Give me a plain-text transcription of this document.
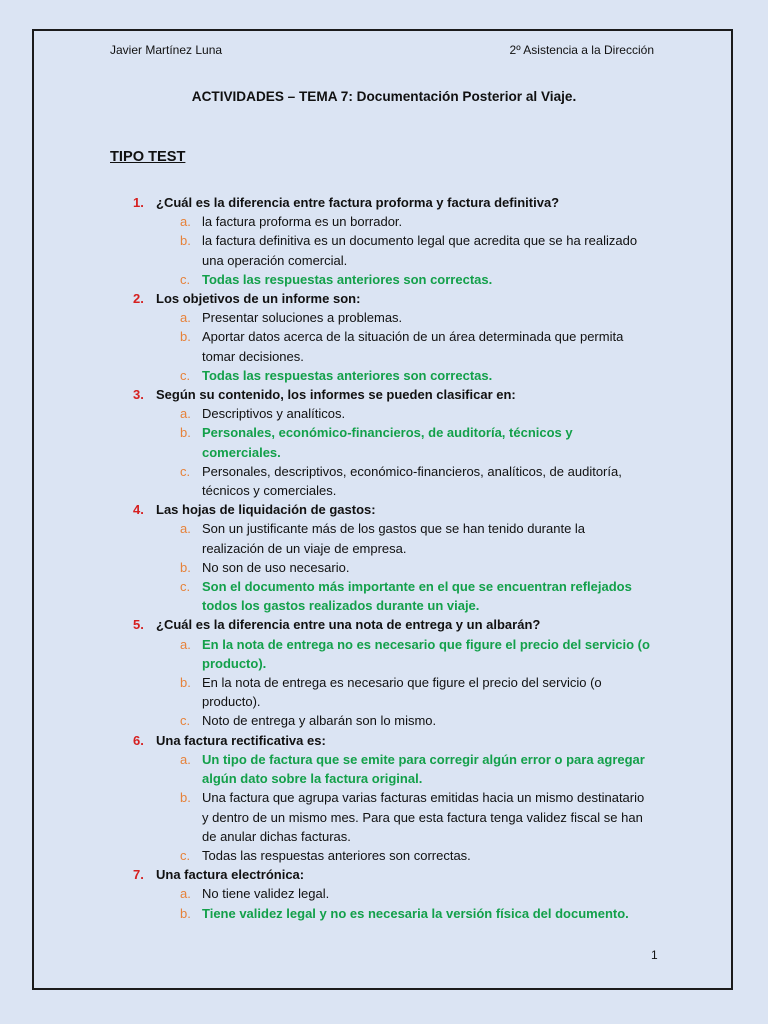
Javier Martínez Luna	2º Asistencia a la Dirección
ACTIVIDADES – TEMA 7: Documentación Posterior al Viaje.
TIPO TEST
1. ¿Cuál es la diferencia entre factura proforma y factura definitiva?
a. la factura proforma es un borrador.
b. la factura definitiva es un documento legal que acredita que se ha realizado una operación comercial.
c. Todas las respuestas anteriores son correctas.
2. Los objetivos de un informe son:
a. Presentar soluciones a problemas.
b. Aportar datos acerca de la situación de un área determinada que permita tomar decisiones.
c. Todas las respuestas anteriores son correctas.
3. Según su contenido, los informes se pueden clasificar en:
a. Descriptivos y analíticos.
b. Personales, económico-financieros, de auditoría, técnicos y comerciales.
c. Personales, descriptivos, económico-financieros, analíticos, de auditoría, técnicos y comerciales.
4. Las hojas de liquidación de gastos:
a. Son un justificante más de los gastos que se han tenido durante la realización de un viaje de empresa.
b. No son de uso necesario.
c. Son el documento más importante en el que se encuentran reflejados todos los gastos realizados durante un viaje.
5. ¿Cuál es la diferencia entre una nota de entrega y un albarán?
a. En la nota de entrega no es necesario que figure el precio del servicio (o producto).
b. En la nota de entrega es necesario que figure el precio del servicio (o producto).
c. Noto de entrega y albarán son lo mismo.
6. Una factura rectificativa es:
a. Un tipo de factura que se emite para corregir algún error o para agregar algún dato sobre la factura original.
b. Una factura que agrupa varias facturas emitidas hacia un mismo destinatario y dentro de un mismo mes. Para que esta factura tenga validez fiscal se han de anular dichas facturas.
c. Todas las respuestas anteriores son correctas.
7. Una factura electrónica:
a. No tiene validez legal.
b. Tiene validez legal y no es necesaria la versión física del documento.
1
